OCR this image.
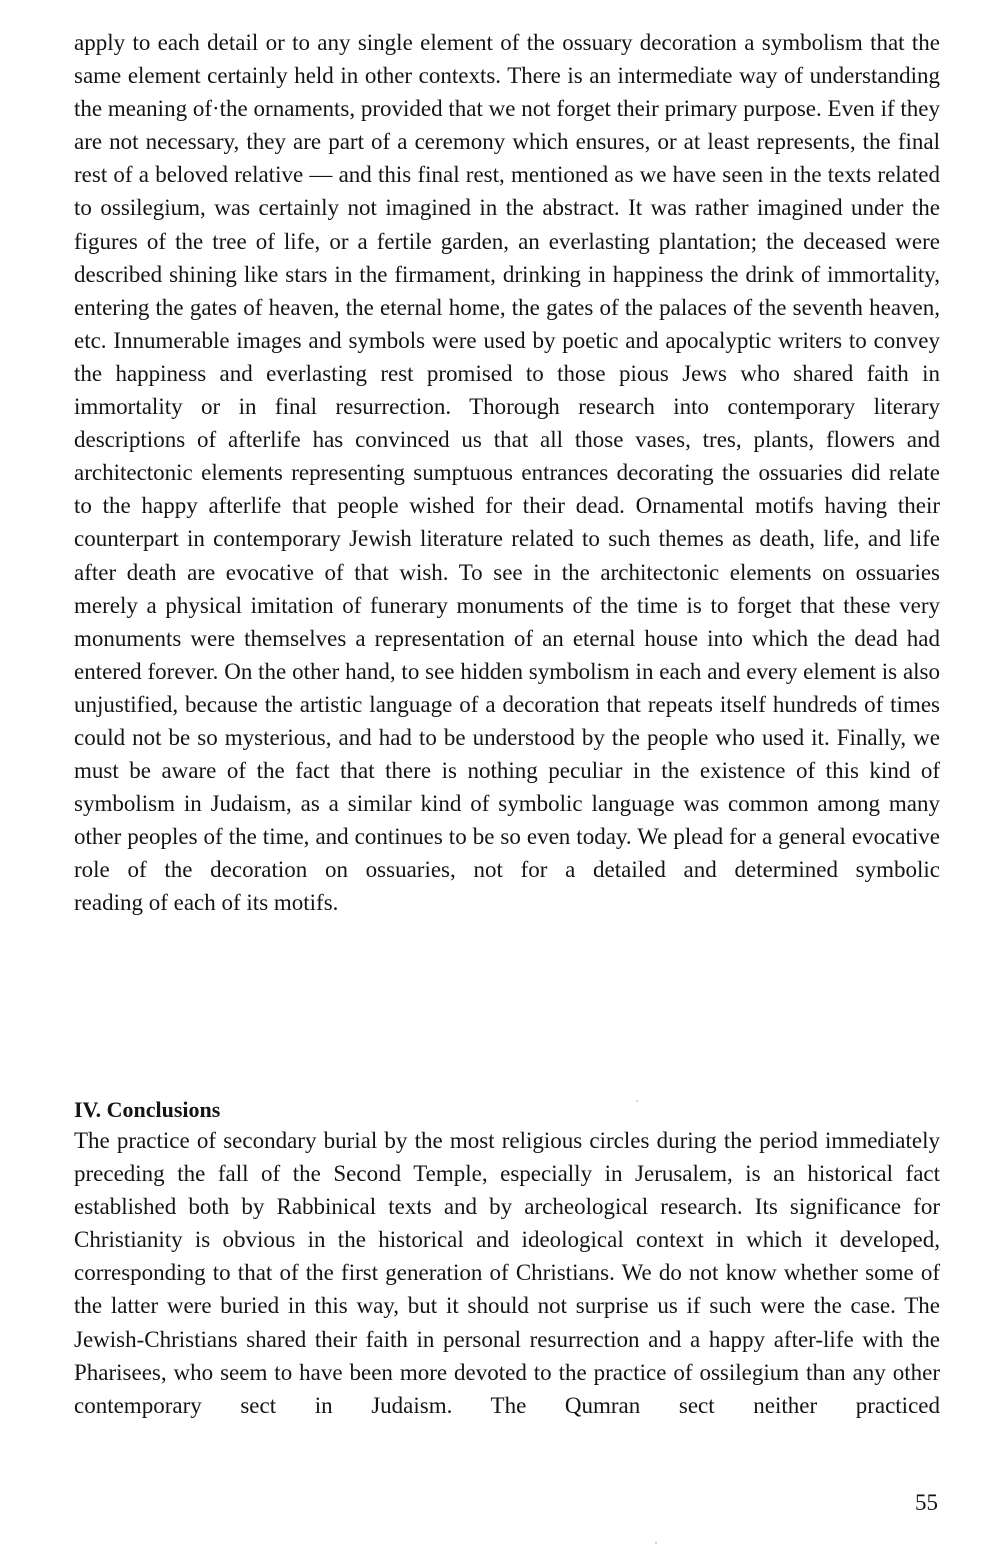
apply to each detail or to any single element of the ossuary decoration a symbolism that the same element certainly held in other contexts. There is an intermediate way of understanding the meaning of·the ornaments, provided that we not forget their primary purpose. Even if they are not necessary, they are part of a ceremony which ensures, or at least represents, the final rest of a beloved relative — and this final rest, mentioned as we have seen in the texts related to ossilegium, was certainly not imagined in the abstract. It was rather imagined under the figures of the tree of life, or a fertile garden, an everlasting plantation; the deceased were described shining like stars in the firmament, drinking in happiness the drink of immortality, entering the gates of heaven, the eternal home, the gates of the palaces of the seventh heaven, etc. Innumerable images and symbols were used by poetic and apocalyptic writers to convey the happiness and everlasting rest promised to those pious Jews who shared faith in immortality or in final resurrection. Thorough research into contemporary literary descriptions of afterlife has convinced us that all those vases, tres, plants, flowers and architectonic elements representing sumptuous entrances decorating the ossuaries did relate to the happy afterlife that people wished for their dead. Ornamental motifs having their counterpart in contemporary Jewish literature related to such themes as death, life, and life after death are evocative of that wish. To see in the architectonic elements on ossuaries merely a physical imitation of funerary monuments of the time is to forget that these very monuments were themselves a representation of an eternal house into which the dead had entered forever. On the other hand, to see hidden symbolism in each and every element is also unjustified, because the artistic language of a decoration that repeats itself hundreds of times could not be so mysterious, and had to be understood by the people who used it. Finally, we must be aware of the fact that there is nothing peculiar in the existence of this kind of symbolism in Judaism, as a similar kind of symbolic language was common among many other peoples of the time, and continues to be so even today. We plead for a general evocative role of the decoration on ossuaries, not for a detailed and determined symbolic
reading of each of its motifs.

IV. Conclusions

The practice of secondary burial by the most religious circles during the period immediately preceding the fall of the Second Temple, especially in Jerusalem, is an historical fact established both by Rabbinical texts and by archeological research. Its significance for Christianity is obvious in the historical and ideological context in which it developed, corresponding to that of the first generation of Christians. We do not know whether some of the latter were buried in this way, but it should not surprise us if such were the case. The Jewish-Christians shared their faith in personal resurrection and a happy after-life with the Pharisees, who seem to have been more devoted to the practice of ossilegium than any other contemporary sect in Judaism. The Qumran sect neither practiced

55
